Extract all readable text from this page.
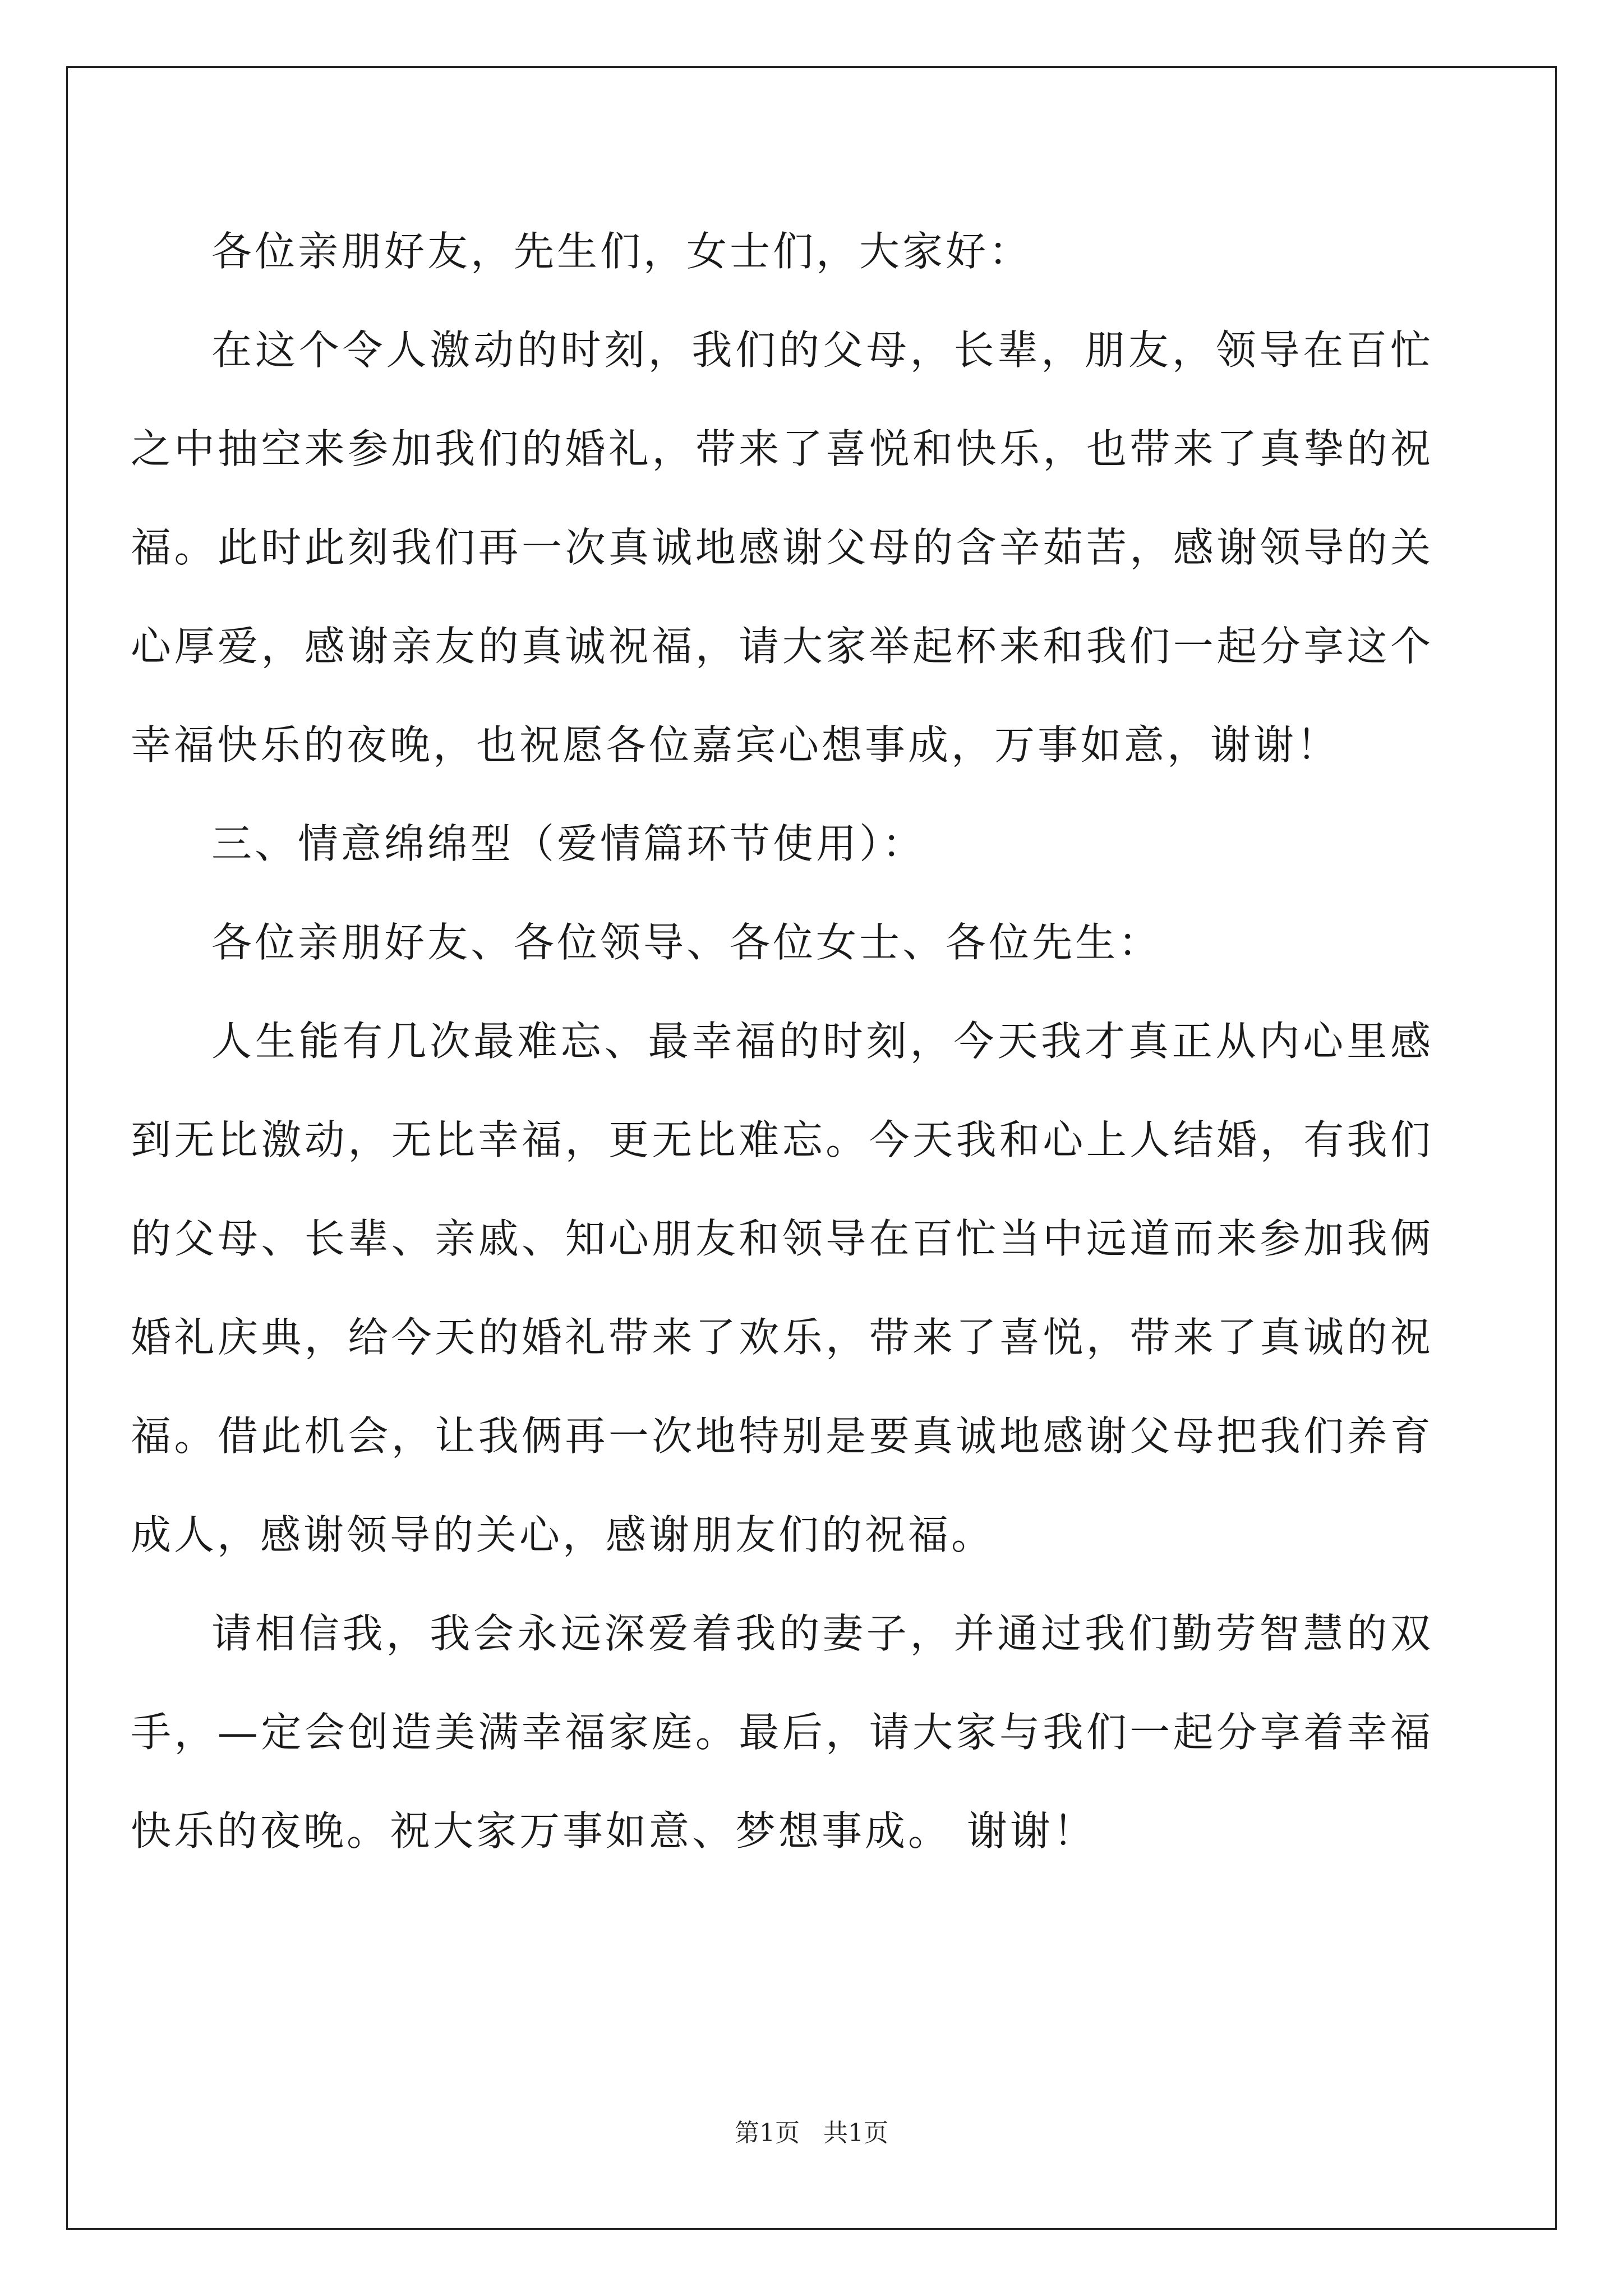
各位亲朋好友，先生们，女士们，大家好：

在这个令人激动的时刻，我们的父母，长辈，朋友，领导在百忙之中抽空来参加我们的婚礼，带来了喜悦和快乐，也带来了真挚的祝福。此时此刻我们再一次真诚地感谢父母的含辛茹苦，感谢领导的关心厚爱，感谢亲友的真诚祝福，请大家举起杯来和我们一起分享这个幸福快乐的夜晚，也祝愿各位嘉宾心想事成，万事如意，谢谢！

三、情意绵绵型（爱情篇环节使用）：

各位亲朋好友、各位领导、各位女士、各位先生：

人生能有几次最难忘、最幸福的时刻，今天我才真正从内心里感到无比激动，无比幸福，更无比难忘。今天我和心上人结婚，有我们的父母、长辈、亲戚、知心朋友和领导在百忙当中远道而来参加我俩婚礼庆典，给今天的婚礼带来了欢乐，带来了喜悦，带来了真诚的祝福。借此机会，让我俩再一次地特别是要真诚地感谢父母把我们养育成人，感谢领导的关心，感谢朋友们的祝福。

请相信我，我会永远深爱着我的妻子，并通过我们勤劳智慧的双手，—定会创造美满幸福家庭。最后，请大家与我们一起分享着幸福快乐的夜晚。祝大家万事如意、梦想事成。 谢谢！

第1页   共1页
